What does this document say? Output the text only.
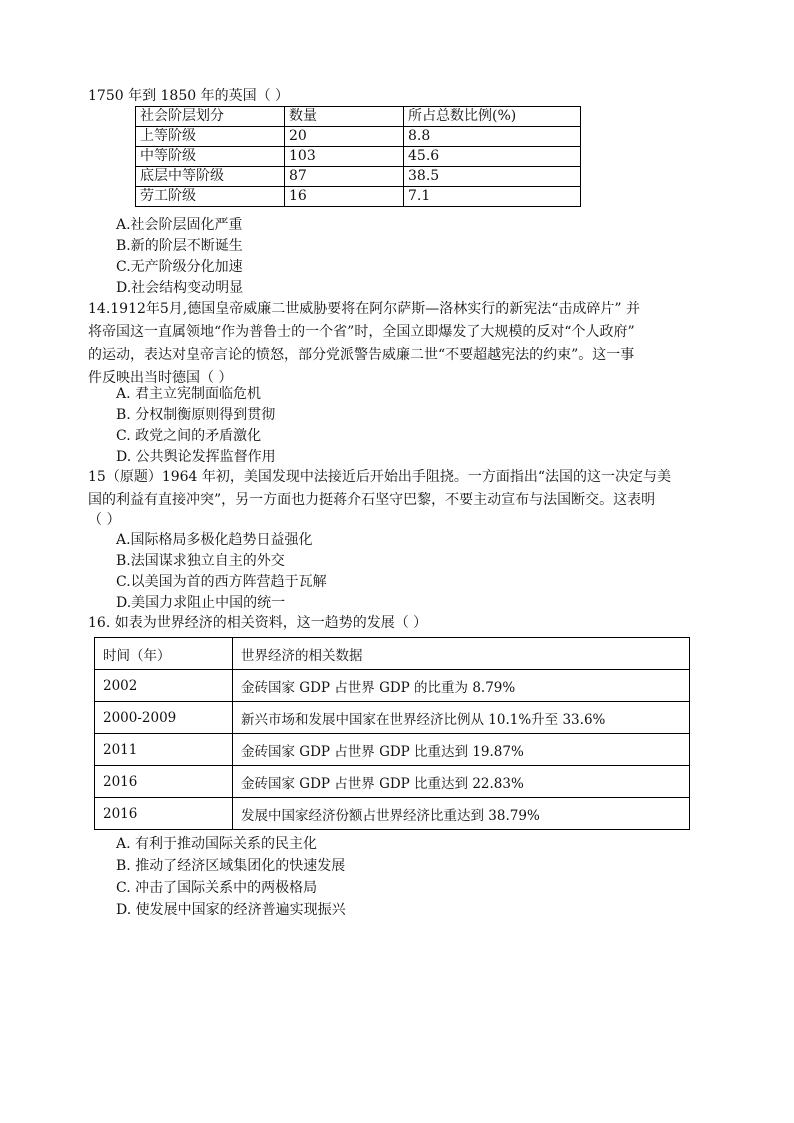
1750 年到 1850 年的英国（ ）
社会阶层划分	数量	所占总数比例(%)
上等阶级	20	8.8
中等阶级	103	45.6
底层中等阶级	87	38.5
劳工阶级	16	7.1
A.社会阶层固化严重
B.新的阶层不断诞生
C.无产阶级分化加速
D.社会结构变动明显
14.1912年5月,德国皇帝威廉二世威胁要将在阿尔萨斯—洛林实行的新宪法“击成碎片” 并
将帝国这一直属领地“作为普鲁士的一个省”时，全国立即爆发了大规模的反对“个人政府”
的运动，表达对皇帝言论的愤怒，部分党派警告威廉二世“不要超越宪法的约束”。这一事
件反映出当时德国（ ）
A. 君主立宪制面临危机
B. 分权制衡原则得到贯彻
C. 政党之间的矛盾激化
D. 公共舆论发挥监督作用
15（原题）1964 年初，美国发现中法接近后开始出手阻挠。一方面指出“法国的这一决定与美
国的利益有直接冲突”，另一方面也力挺蒋介石坚守巴黎，不要主动宣布与法国断交。这表明
（ ）
A.国际格局多极化趋势日益强化
B.法国谋求独立自主的外交
C.以美国为首的西方阵营趋于瓦解
D.美国力求阻止中国的统一
16. 如表为世界经济的相关资料，这一趋势的发展（ ）
时间（年）	世界经济的相关数据
2002	金砖国家 GDP 占世界 GDP 的比重为 8.79%
2000-2009	新兴市场和发展中国家在世界经济比例从 10.1%升至 33.6%
2011	金砖国家 GDP 占世界 GDP 比重达到 19.87%
2016	金砖国家 GDP 占世界 GDP 比重达到 22.83%
2016	发展中国家经济份额占世界经济比重达到 38.79%
A. 有利于推动国际关系的民主化
B. 推动了经济区域集团化的快速发展
C. 冲击了国际关系中的两极格局
D. 使发展中国家的经济普遍实现振兴
